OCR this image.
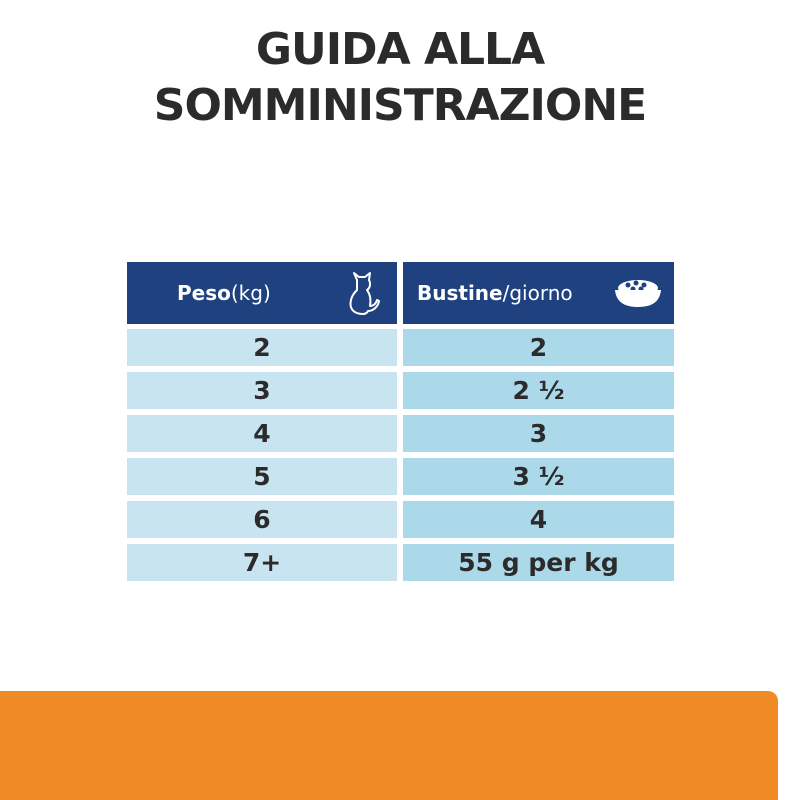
GUIDA ALLA
SOMMINISTRAZIONE
Peso (kg)	Bustine /giorno
2	2
3	2 ½
4	3
5	3 ½
6	4
7+	55 g per kg
